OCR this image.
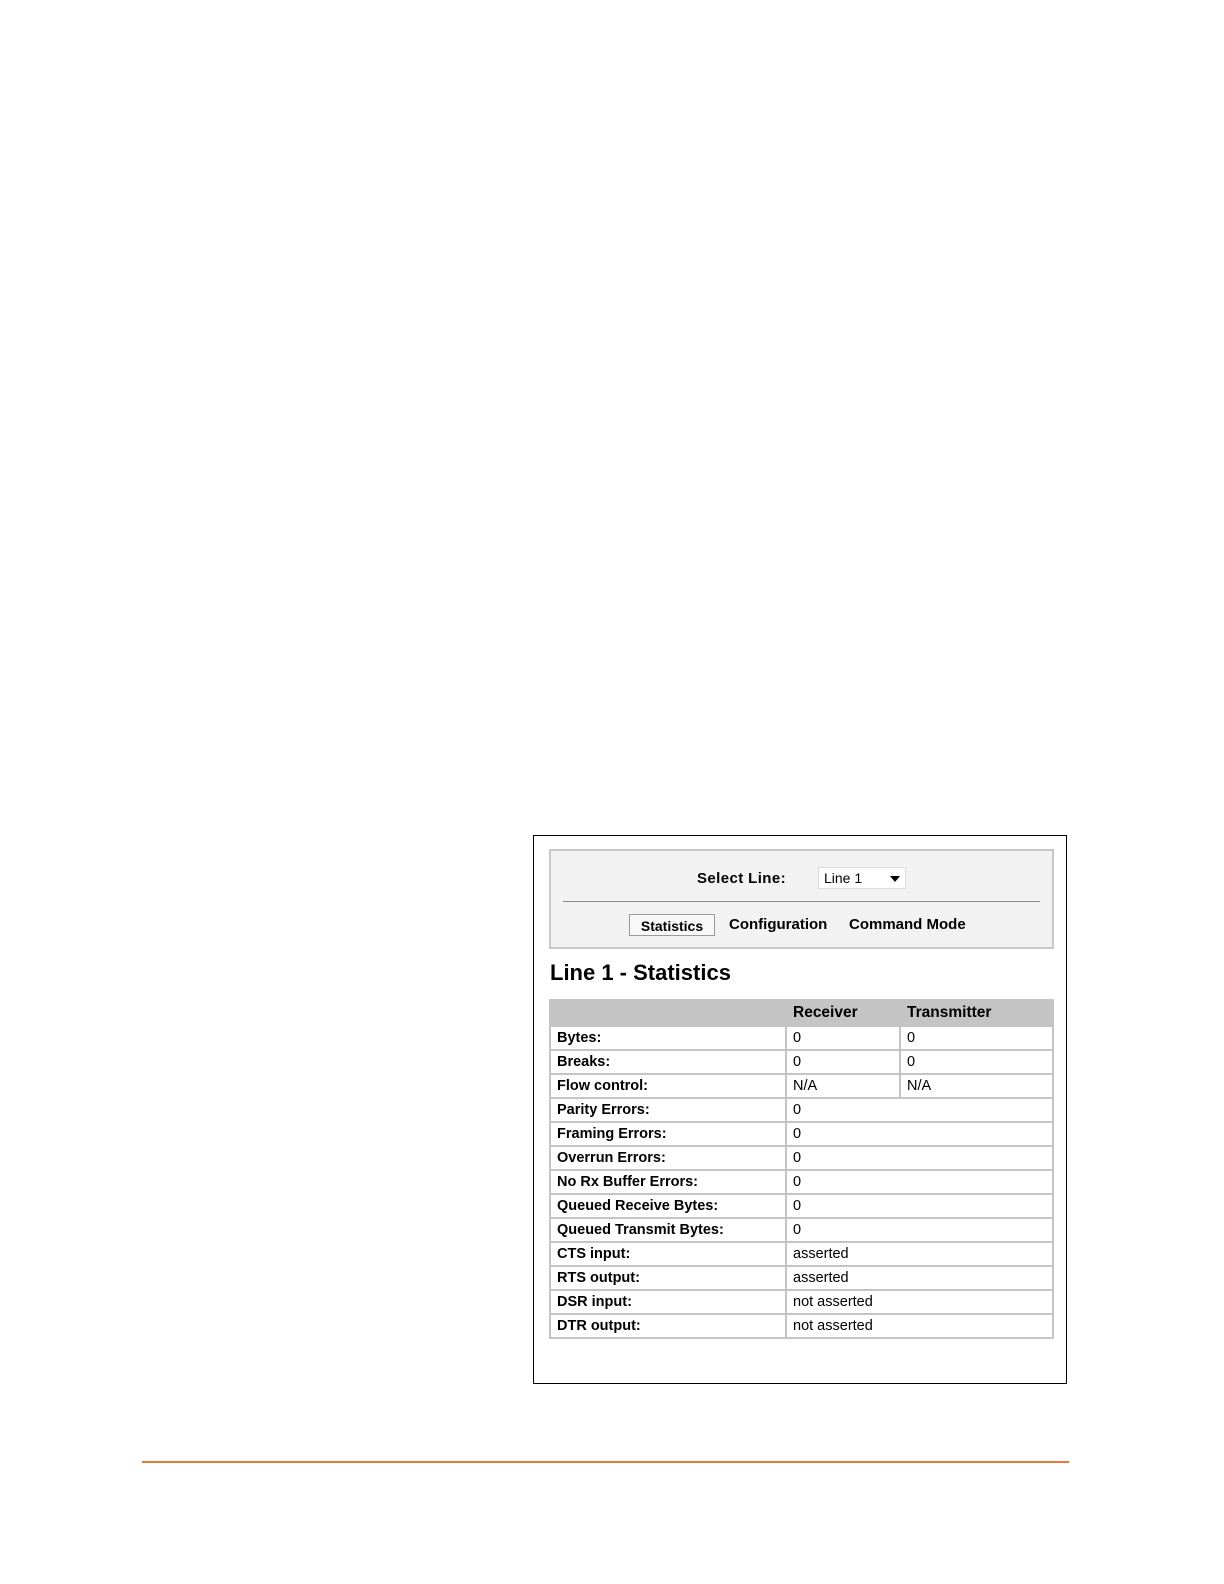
Select Line:	Line 1
Statistics	Configuration Command Mode
Line 1 - Statistics
	Receiver	Transmitter
Bytes:	0	0
Breaks:	0	0
Flow control:	N/A	N/A
Parity Errors:	0	
Framing Errors:	0	
Overrun Errors:	0	
No Rx Buffer Errors:	0	
Queued Receive Bytes:	0	
Queued Transmit Bytes:	0	
CTS input:	asserted	
RTS output:	asserted	
DSR input:	not asserted	
DTR output:	not asserted	
